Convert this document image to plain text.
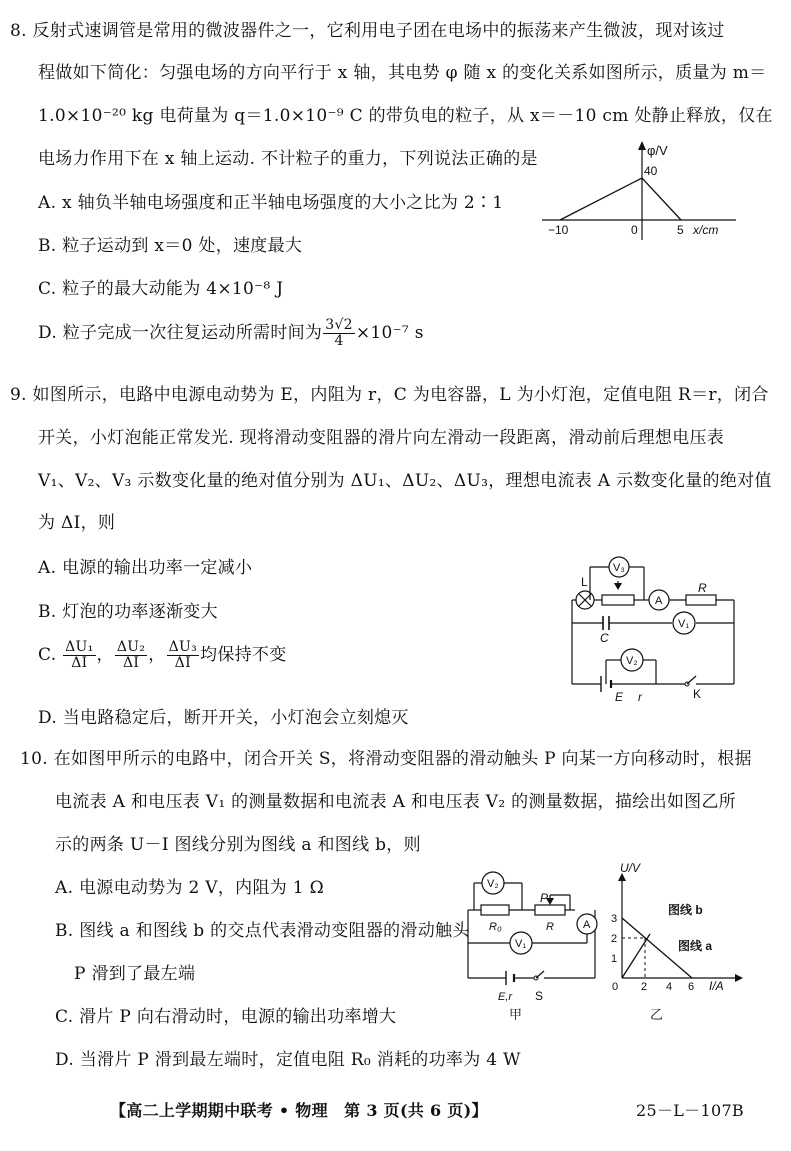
8. 反射式速调管是常用的微波器件之一，它利用电子团在电场中的振荡来产生微波，现对该过
程做如下简化：匀强电场的方向平行于 x 轴，其电势 φ 随 x 的变化关系如图所示，质量为 m＝
1.0×10⁻²⁰ kg 电荷量为 q＝1.0×10⁻⁹ C 的带负电的粒子，从 x＝－10 cm 处静止释放，仅在
电场力作用下在 x 轴上运动. 不计粒子的重力，下列说法正确的是
A. x 轴负半轴电场强度和正半轴电场强度的大小之比为 2∶1
B. 粒子运动到 x＝0 处，速度最大
C. 粒子的最大动能为 4×10⁻⁸ J
D. 粒子完成一次往复运动所需时间为 $\frac{3√2}{4} \times 10^{-7}$ s
φ/V
40
−10	0	5 x/cm
9. 如图所示，电路中电源电动势为 E，内阻为 r，C 为电容器，L 为小灯泡，定值电阻 R＝r，闭合
开关，小灯泡能正常发光. 现将滑动变阻器的滑片向左滑动一段距离，滑动前后理想电压表
V₁、V₂、V₃ 示数变化量的绝对值分别为 ΔU₁、ΔU₂、ΔU₃，理想电流表 A 示数变化量的绝对值
为 ΔI，则
A. 电源的输出功率一定减小
B. 灯泡的功率逐渐变大
C. $\frac{\text{ΔU₁}}{\Delta I}$ ， $\frac{\text{ΔU₂}}{\Delta I}$ ， $\frac{\text{ΔU₃}}{\Delta I}$ 均保持不变
D. 当电路稳定后，断开开关，小灯泡会立刻熄灭
V₃
L
A
R
V₁
C
V₂
E r	K
10. 在如图甲所示的电路中，闭合开关 S，将滑动变阻器的滑动触头 P 向某一方向移动时，根据
电流表 A 和电压表 V₁ 的测量数据和电流表 A 和电压表 V₂ 的测量数据，描绘出如图乙所
示的两条 U－I 图线分别为图线 a 和图线 b，则
A. 电源电动势为 2 V，内阻为 1 Ω
B. 图线 a 和图线 b 的交点代表滑动变阻器的滑动触头
P 滑到了最左端
C. 滑片 P 向右滑动时，电源的输出功率增大
D. 当滑片 P 滑到最左端时，定值电阻 R₀ 消耗的功率为 4 W
V₂
P
R₀	R	A
V₁
E,r S
甲
U/V
图线 b
图线 a
3
2
1
0 2 4 6 I/A
乙
【高二上学期期中联考 • 物理　第 3 页(共 6 页)】	25－L－107B
